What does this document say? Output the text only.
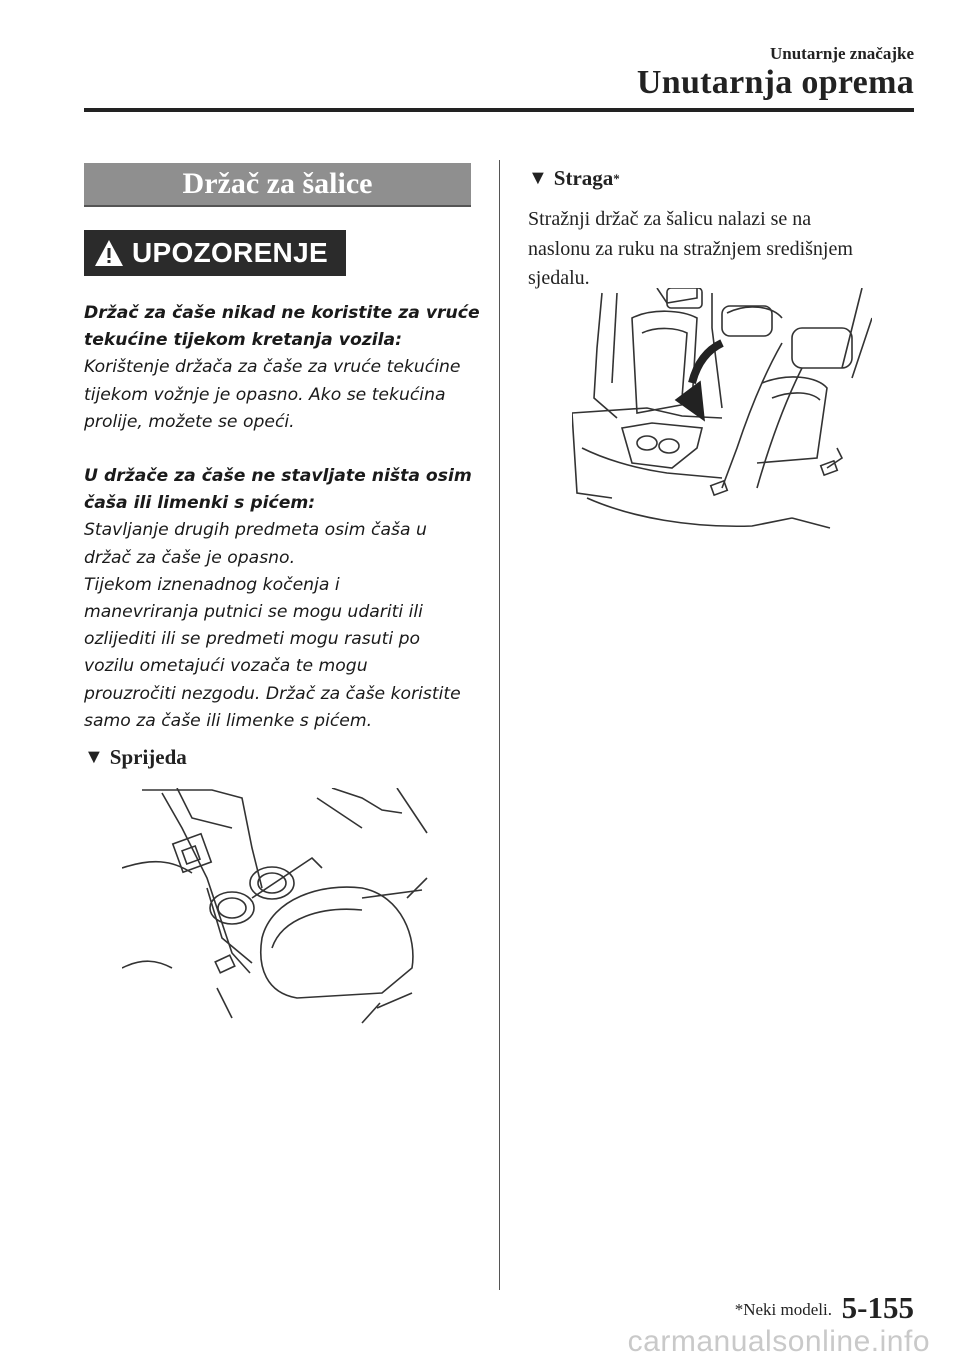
Unutarnje značajke
Unutarnja oprema
Držač za šalice
UPOZORENJE

Držač za čaše nikad ne koristite za vruće

tekućine tijekom kretanja vozila:

Korištenje držača za čaše za vruće tekućine

tijekom vožnje je opasno. Ako se tekućina

prolije, možete se opeći.

U držače za čaše ne stavljate ništa osim

čaša ili limenki s pićem:

Stavljanje drugih predmeta osim čaša u

držač za čaše je opasno.

Tijekom iznenadnog kočenja i

manevriranja putnici se mogu udariti ili

ozlijediti ili se predmeti mogu rasuti po

vozilu ometajući vozača te mogu

prouzročiti nezgodu. Držač za čaše koristite

samo za čaše ili limenke s pićem.

▼ Sprijeda
▼ Straga *
Stražnji držač za šalicu nalazi se na
naslonu za ruku na stražnjem središnjem
sjedalu.
*Neki modeli. 5-155
carmanualsonline.info
